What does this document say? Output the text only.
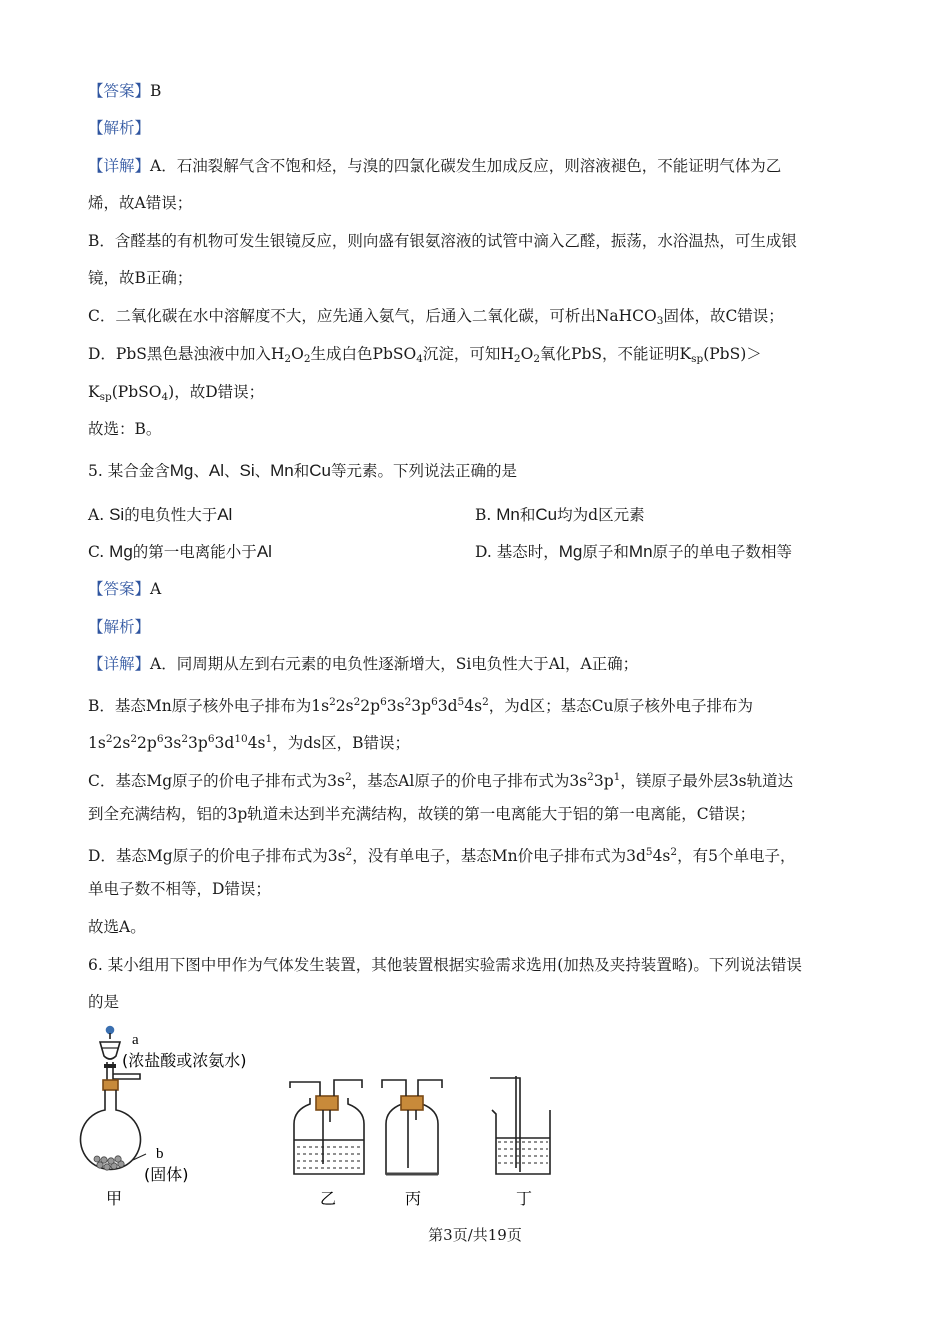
【答案】B
【解析】
【详解】A．石油裂解气含不饱和烃，与溴的四氯化碳发生加成反应，则溶液褪色，不能证明气体为乙
烯，故A错误；
B．含醛基的有机物可发生银镜反应，则向盛有银氨溶液的试管中滴入乙醛，振荡，水浴温热，可生成银
镜，故B正确；
C．二氧化碳在水中溶解度不大，应先通入氨气，后通入二氧化碳，可析出NaHCO$_3$固体，故C错误；
D．PbS黑色悬浊液中加入$H_2O_2$生成白色PbSO$_4$沉淀，可知$H_2O_2$氧化PbS，不能证明$K_{sp}(PbS)>$
$K_{sp}(PbSO_4)$，故D错误；
故选：B。
5. 某合金含Mg、Al、Si、Mn和Cu等元素。下列说法正确的是
A. Si的电负性大于Al	B. Mn和Cu均为d区元素
C. Mg的第一电离能小于Al	D. 基态时，Mg原子和Mn原子的单电子数相等
【答案】A
【解析】
【详解】A．同周期从左到右元素的电负性逐渐增大，Si电负性大于Al，A正确；
B．基态Mn原子核外电子排布为$1s^22s^22p^63s^23p^63d^54s^2$，为d区；基态Cu原子核外电子排布为
$1s^22s^22p^63s^23p^63d^{10}4s^1$，为ds区，B错误；
C．基态Mg原子的价电子排布式为$3s^2$，基态Al原子的价电子排布式为$3s^23p^1$，镁原子最外层3s轨道达
到全充满结构，铝的3p轨道未达到半充满结构，故镁的第一电离能大于铝的第一电离能，C错误；
D．基态Mg原子的价电子排布式为$3s^2$，没有单电子，基态Mn价电子排布式为$3d^54s^2$，有5个单电子，
单电子数不相等，D错误；
故选A。
6. 某小组用下图中甲作为气体发生装置，其他装置根据实验需求选用(加热及夹持装置略)。下列说法错误
的是
a
(浓盐酸或浓氨水)
b
(固体)
甲	乙	丙	丁
第3页/共19页
